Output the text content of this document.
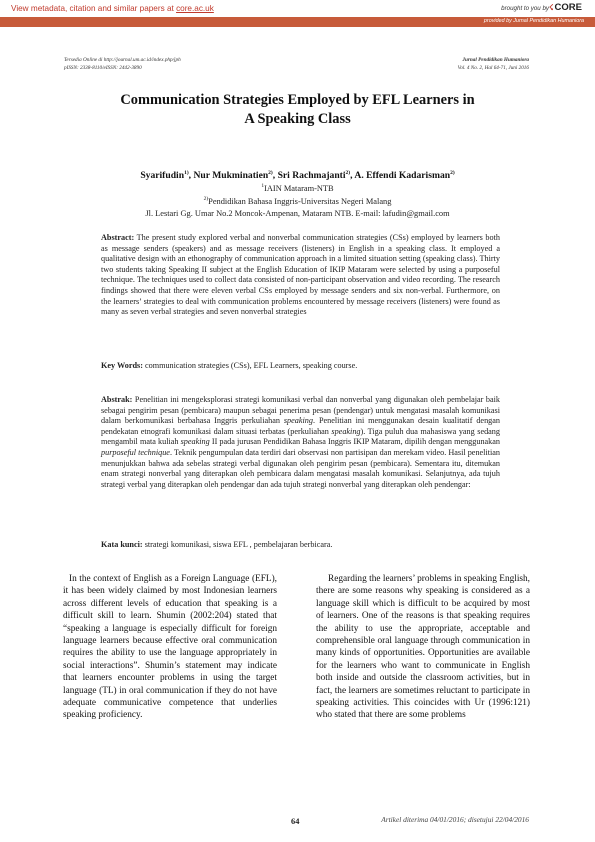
View metadata, citation and similar papers at core.ac.uk	brought to you by ☇CORE
provided by Jurnal Pendidikan Humaniora
Tersedia Online di http://journal.um.ac.id/index.php/jph
pISSN: 2338-8110/eISSN: 2442-3890
Jurnal Pendidikan Humaniora
Vol. 4 No. 2, Hal 64-71, Juni 2016
Communication Strategies Employed by EFL Learners in
A Speaking Class
Syarifudin$^{1)}$, Nur Mukminatien$^{2)}$, Sri Rachmajanti$^{2)}$, A. Effendi Kadarisman$^{2)}$
$^1$IAIN Mataram-NTB
$^{2)}$Pendidikan Bahasa Inggris-Universitas Negeri Malang
Jl. Lestari Gg. Umar No.2 Moncok-Ampenan, Mataram NTB. E-mail: lafudin@gmail.com
Abstract: The present study explored verbal and nonverbal communication strategies (CSs) employed by learners both as message senders (speakers) and as message receivers (listeners) in English in a speaking class. It employed a qualitative design with an ethonography of communication approach in a limited situation setting (speaking class). Thirty two students taking Speaking II subject at the English Education of IKIP Mataram were selected by using a purposeful technique. The techniques used to collect data consisted of non-participant observation and video recording. The research findings showed that there were eleven verbal CSs employed by message senders and six non-verbal. Furthermore, on the learners’ strategies to deal with communication problems encountered by message receivers (listeners) were found as many as seven verbal strategies and seven nonverbal strategies
Key Words: communication strategies (CSs), EFL Learners, speaking course.
Abstrak: Penelitian ini mengeksplorasi strategi komunikasi verbal dan nonverbal yang digunakan oleh pembelajar baik sebagai pengirim pesan (pembicara) maupun sebagai penerima pesan (pendengar) untuk mengatasi masalah komunikasi dalam berkomunikasi berbahasa Inggris perkuliahan speaking. Penelitian ini menggunakan desain kualitatif dengan pendekatan etnografi komunikasi dalam situasi terbatas (perkuliahan speaking). Tiga puluh dua mahasiswa yang sedang mengambil mata kuliah speaking II pada jurusan Pendidikan Bahasa Inggris IKIP Mataram, dipilih dengan menggunakan purposeful technique. Teknik pengumpulan data terdiri dari observasi non partisipan dan merekam video. Hasil penelitian menunjukkan bahwa ada sebelas strategi verbal digunakan oleh pengirim pesan (pembicara). Sementara itu, ditemukan enam strategi nonverbal yang diterapkan oleh pembicara dalam mengatasi masalah komunikasi. Selanjutnya, ada tujuh strategi verbal yang diterapkan oleh pendengar dan ada tujuh strategi nonverbal yang diterapkan oleh pendengar:
Kata kunci: strategi komunikasi, siswa EFL , pembelajaran berbicara.
In the context of English as a Foreign Language (EFL), it has been widely claimed by most Indonesian learners across different levels of education that speaking is a difficult skill to learn. Shumin (2002:204) stated that “speaking a language is especially difficult for foreign language learners because effective oral communication requires the ability to use the language appropriately in social interactions”. Shumin’s statement may indicate that learners encounter problems in using the target language (TL) in oral communication if they do not have adequate communicative competence that underlies speaking proficiency.
Regarding the learners’ problems in speaking English, there are some reasons why speaking is considered as a language skill which is difficult to be acquired by most of learners. One of the reasons is that speaking requires the ability to use the appropriate, acceptable and comprehensible oral language through communication in many kinds of opportunities. Opportunities are available for the learners who want to communicate in English both inside and outside the classroom activities, but in fact, the learners are sometimes reluctant to participate in speaking activities. This coincides with Ur (1996:121) who stated that there are some problems
64	Artikel diterima 04/01/2016; disetujui 22/04/2016
